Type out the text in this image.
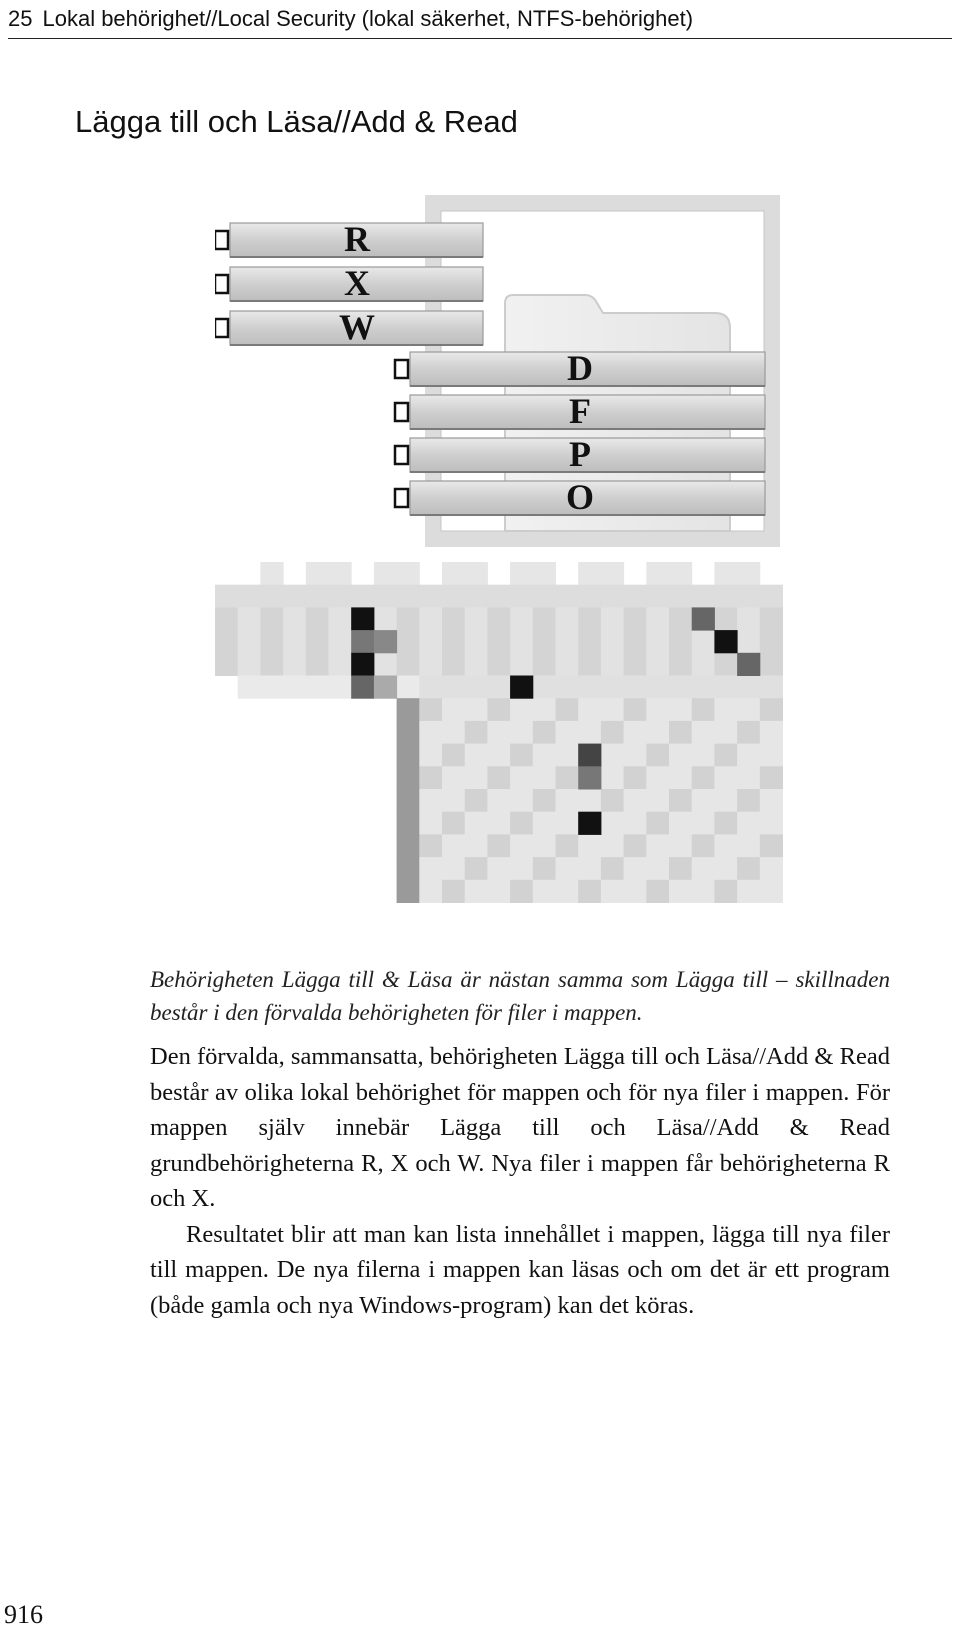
25 Lokal behörighet//Local Security (lokal säkerhet, NTFS-behörighet)
Lägga till och Läsa//Add & Read
R
X
W
D
F
P
O
Behörigheten Lägga till & Läsa är nästan samma som Lägga till – skillnaden består i den förvalda behörigheten för filer i mappen.

Den förvalda, sammansatta, behörigheten Lägga till och Läsa//Add & Read består av olika lokal behörighet för mappen och för nya filer i mappen. För mappen själv innebär Lägga till och Läsa//Add & Read grundbehörigheterna R, X och W. Nya filer i mappen får behörigheterna R och X.

Resultatet blir att man kan lista innehållet i mappen, lägga till nya filer till mappen. De nya filerna i mappen kan läsas och om det är ett program (både gamla och nya Windows-program) kan det köras.

916
